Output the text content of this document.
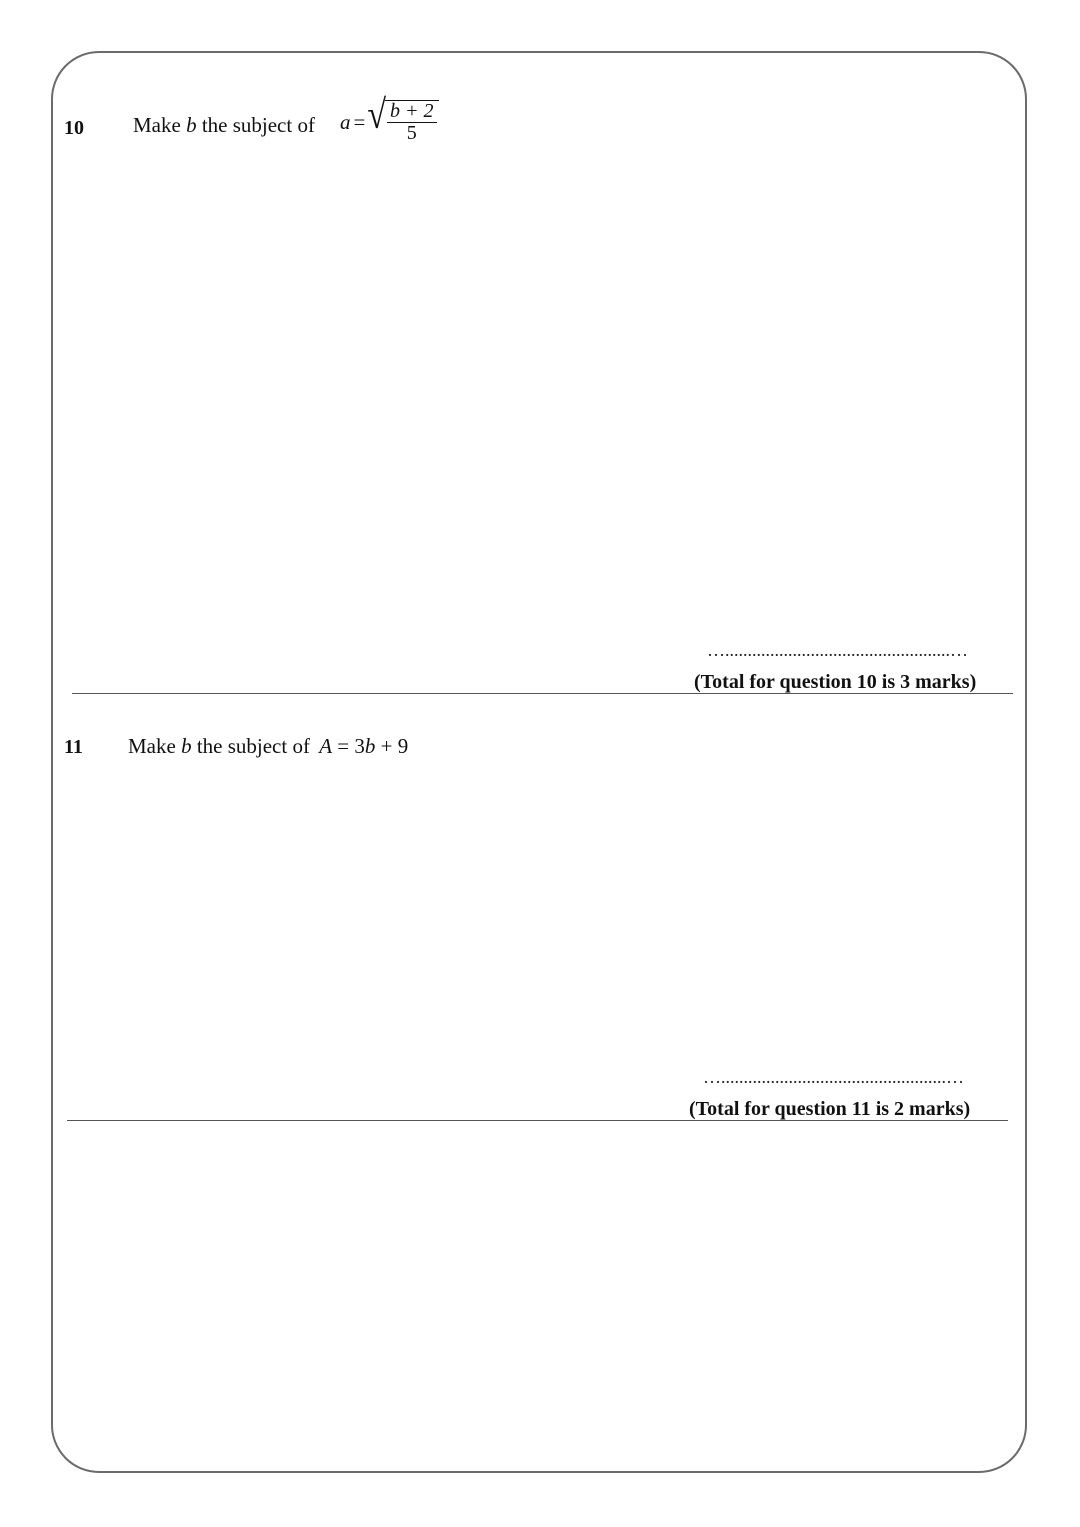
10 Make b the subject of a = √ $\frac{b + 2}{5}$
…..................................................…
(Total for question 10 is 3 marks)
11 Make b the subject of A = 3b + 9
…..................................................…
(Total for question 11 is 2 marks)
